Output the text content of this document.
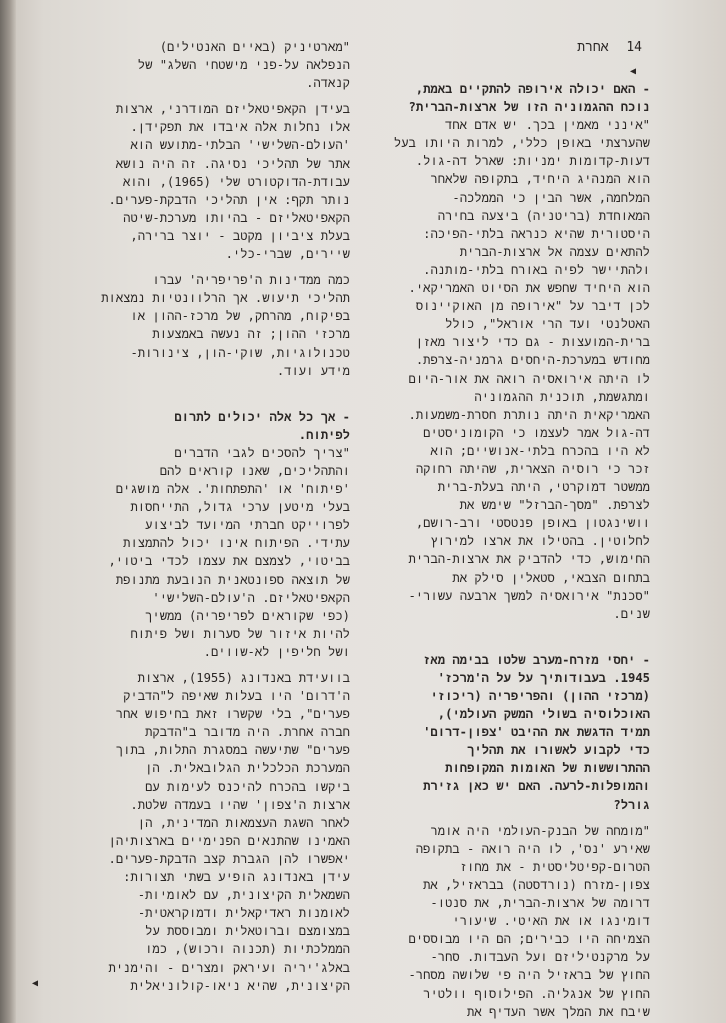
14 אחרת
◀
◀

- האם יכולה אירופה להתקיים באמת,

נוכח ההגמוניה הזו של ארצות-הברית?

"אינני מאמין בכך. יש אדם אחד

שהערצתי באופן כללי, למרות היותו בעל

דעות-קדומות ימניות: שארל דה-גול.

הוא המנהיג היחיד, בתקופה שלאחר

המלחמה, אשר הבין כי הממלכה-

המאוחדת (בריטניה) ביצעה בחירה

היסטורית שהיא כנראה בלתי-הפיכה:

להתאים עצמה אל ארצות-הברית

ולהתיישר לפיה באורח בלתי-מותנה.

הוא היחיד שחפש את הסיוט האמריקאי.

לכן דיבר על "אירופה מן האוקיינוס

האטלנטי ועד הרי אוראל", כולל

ברית-המועצות - גם כדי ליצור מאזן

מחודש במערכת-היחסים גרמניה-צרפת.

לו היתה אירואסיה רואה את אור-היום

ומתגשמת, תוכנית ההגמוניה

האמריקאית היתה נותרת חסרת-משמעות.

דה-גול אמר לעצמו כי הקומוניסטים

לא היו בהכרח בלתי-אנושיים; הוא

זכר כי רוסיה הצארית, שהיתה רחוקה

ממשטר דמוקרטי, היתה בעלת-ברית

לצרפת. "מסך-הברזל" שימש את

וושינגטון באופן פנטסטי ורב-רושם,

לחלוטין. בהטילו את ארצו למירוץ

החימוש, כדי להדביק את ארצות-הברית

בתחום הצבאי, סטאלין סילק את

"סכנת" אירואסיה למשך ארבעה עשורי-

שנים.

- יחסי מזרח-מערב שלטו בבימה מאז

1945. בעבודותיך על על ה'מרכז'

(מרכזי ההון) והפריפריה (ריכוזי

האוכלוסיה בשולי המשק העולמי),

תמיד הדגשת את ההיבט 'צפון-דרום'

כדי לקבוע לאשורו את תהליך

ההתרוששות של האומות המקופחות

והמופלות-לרעה. האם יש כאן גזירת

גורל?

"מומחה של הבנק-העולמי היה אומר

שאירע 'נס', לו היה רואה - בתקופה

הטרום-קפיטליסטית - את מחוז

צפון-מזרח (נורדסטה) בבראזיל, את

דרומה של ארצות-הברית, את סנטו-

דומינגו או את האיטי. שיעורי

הצמיחה היו כבירים; הם היו מבוססים

על מרקנטיליזם ועל העבדות. סחר-

החוץ של בראזיל היה פי שלושה מסחר-

החוץ של אנגליה. הפילוסוף וולטיר

שיבח את המלך אשר העדיף את

"מארטיניק (באיים האנטילים)

הנפלאה על-פני מישטחי השלג" של

קנאדה.

בעידן הקאפיטאליזם המודרני, ארצות

אלו נחלות אלה איבדו את תפקידן.

'העולם-השלישי' הבלתי-מתועש הוא

אתר של תהליכי נסיגה. זה היה נושא

עבודת-הדוקטורט שלי (1965), והוא

נותר תקף: אין תהליכי הדבקת-פערים.

הקאפיטאליזם - בהיותו מערכת-שיטה

בעלת ציביון מקטב - יוצר ברירה,

שיירים, שברי-כלי.

כמה ממדינות ה'פריפריה' עברו

תהליכי תיעוש. אך הרלוונטיות נמצאות

בפיקוח, מהרחק, של מרכז-ההון או

מרכזי ההון; זה נעשה באמצעות

טכנולוגיות, שוקי-הון, צינורות-

מידע ועוד.

- אך כל אלה יכולים לתרום

לפיתוח.

"צריך להסכים לגבי הדברים

והתהליכים, שאנו קוראים להם

'פיתוח' או 'התפתחות'. אלה מושגים

בעלי מיטען ערכי גדול, התייחסות

לפרוייקט חברתי המיועד לביצוע

עתידי. הפיתוח אינו יכול להתמצות

בביטוי, לצמצם את עצמו לכדי ביטוי,

של תוצאה ספונטאנית הנובעת מתנופת

הקאפיטאליזם. ה'עולם-השלישי'

(כפי שקוראים לפריפריה) ממשיך

להיות איזור של סערות ושל פיתוח

ושל חליפין לא-שווים.

בוועידת באנדונג (1955), ארצות

ה'דרום' היו בעלות שאיפה ל"הדביק

פערים", בלי שקשרו זאת בחיפוש אחר

חברה אחרת. היה מדובר ב"הדבקת

פערים" שתיעשה במסגרת התלות, בתוך

המערכת הכלכלית הגלובאלית. הן

ביקשו בהכרח להיכנס לעימות עם

ארצות ה'צפון' שהיו בעמדה שלטת.

לאחר השגת העצמאות המדינית, הן

האמינו שהתנאים הפנימיים בארצותיהן

יאפשרו להן הגברת קצב הדבקת-פערים.

עידן באנדונג הופיע בשתי תצורות:

השמאלית הקיצונית, עם לאומיות-

לאומנות ראדיקאלית ודמוקראטית-

במצומצם וברוטאלית ומבוססת על

הממלכתיות (תכנוה ורכוש), כמו

באלג'יריה ועיראק ומצרים - והימנית

הקיצונית, שהיא ניאו-קולוניאלית
